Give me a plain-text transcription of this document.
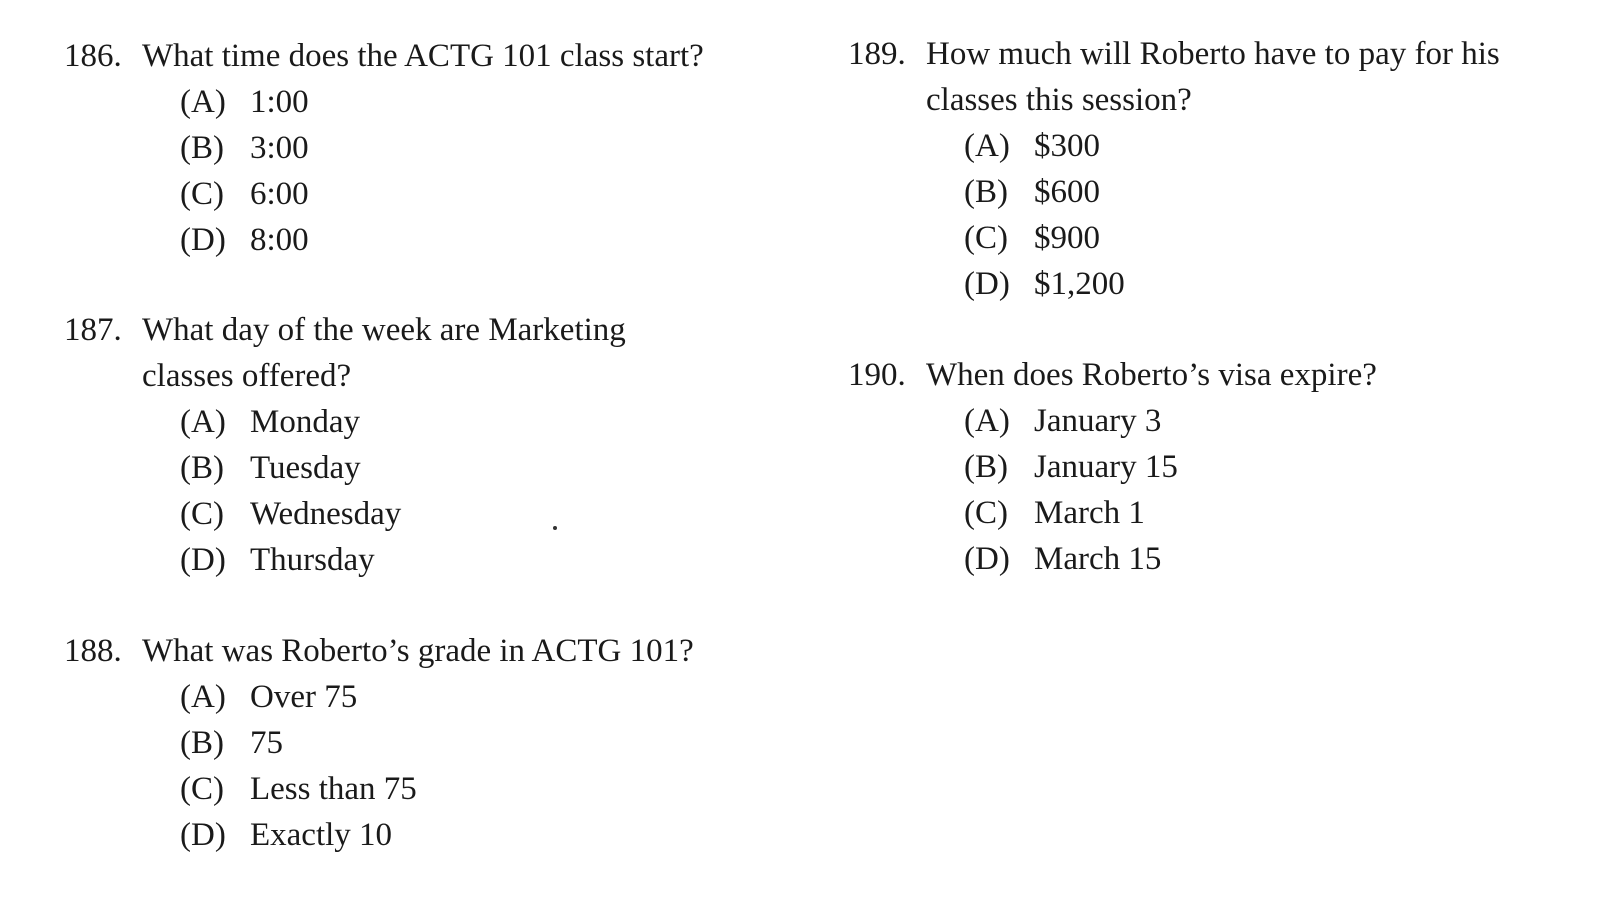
186. What time does the ACTG 101 class start?
(A) 1:00
(B) 3:00
(C) 6:00
(D) 8:00
187. What day of the week are Marketing classes offered?
(A) Monday
(B) Tuesday
(C) Wednesday
(D) Thursday
188. What was Roberto’s grade in ACTG 101?
(A) Over 75
(B) 75
(C) Less than 75
(D) Exactly 10
189. How much will Roberto have to pay for his classes this session?
(A) $300
(B) $600
(C) $900
(D) $1,200
190. When does Roberto’s visa expire?
(A) January 3
(B) January 15
(C) March 1
(D) March 15
